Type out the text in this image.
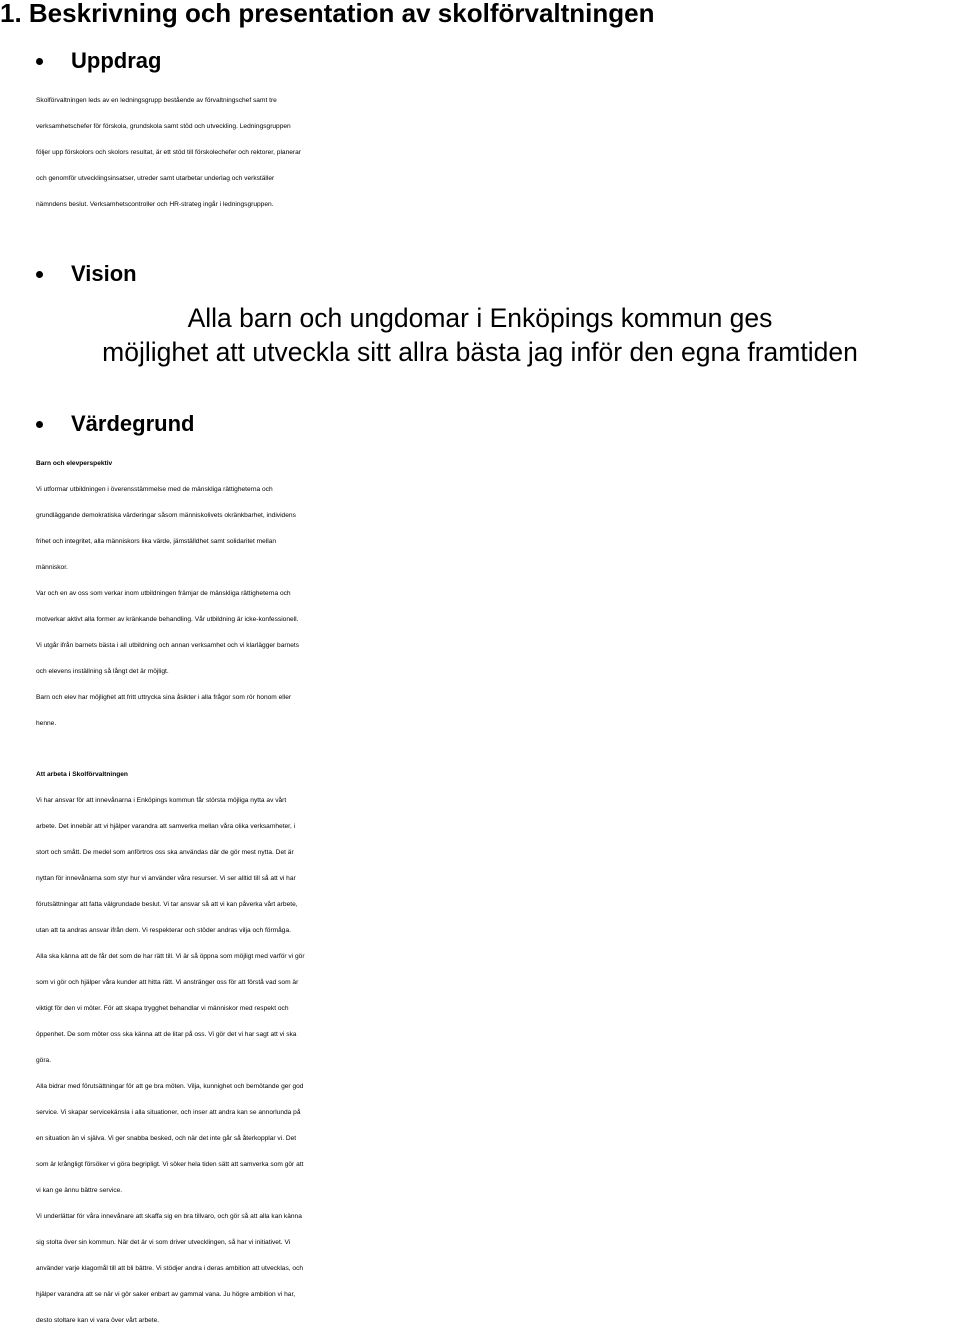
1. Beskrivning och presentation av skolförvaltningen
Uppdrag
Skolförvaltningen leds av en ledningsgrupp bestående av förvaltningschef samt tre
verksamhetschefer för förskola, grundskola samt stöd och utveckling. Ledningsgruppen
följer upp förskolors och skolors resultat, är ett stöd till förskolechefer och rektorer, planerar
och genomför utvecklingsinsatser, utreder samt utarbetar underlag och verkställer
nämndens beslut. Verksamhetscontroller och HR-strateg ingår i ledningsgruppen.
Vision
Alla barn och ungdomar i Enköpings kommun ges
möjlighet att utveckla sitt allra bästa jag inför den egna framtiden
Värdegrund
Barn och elevperspektiv
Vi utformar utbildningen i överensstämmelse med de mänskliga rättigheterna och
grundläggande demokratiska värderingar såsom människolivets okränkbarhet, individens
frihet och integritet, alla människors lika värde, jämställdhet samt solidaritet mellan
människor.
Var och en av oss som verkar inom utbildningen främjar de mänskliga rättigheterna och
motverkar aktivt alla former av kränkande behandling. Vår utbildning är icke-konfessionell.
Vi utgår ifrån barnets bästa i all utbildning och annan verksamhet och vi klarlägger barnets
och elevens inställning så långt det är möjligt.
Barn och elev har möjlighet att fritt uttrycka sina åsikter i alla frågor som rör honom eller
henne.
Att arbeta i Skolförvaltningen
Vi har ansvar för att innevånarna i Enköpings kommun får största möjliga nytta av vårt
arbete. Det innebär att vi hjälper varandra att samverka mellan våra olika verksamheter, i
stort och smått. De medel som anförtros oss ska användas där de gör mest nytta. Det är
nyttan för innevånarna som styr hur vi använder våra resurser. Vi ser alltid till så att vi har
förutsättningar att fatta välgrundade beslut. Vi tar ansvar så att vi kan påverka vårt arbete,
utan att ta andras ansvar ifrån dem. Vi respekterar och stöder andras vilja och förmåga.
Alla ska känna att de får det som de har rätt till. Vi är så öppna som möjligt med varför vi gör
som vi gör och hjälper våra kunder att hitta rätt. Vi anstränger oss för att förstå vad som är
viktigt för den vi möter. För att skapa trygghet behandlar vi människor med respekt och
öppenhet. De som möter oss ska känna att de litar på oss. Vi gör det vi har sagt att vi ska
göra.
Alla bidrar med förutsättningar för att ge bra möten. Vilja, kunnighet och bemötande ger god
service. Vi skapar servicekänsla i alla situationer, och inser att andra kan se annorlunda på
en situation än vi själva. Vi ger snabba besked, och när det inte går så återkopplar vi. Det
som är krångligt försöker vi göra begripligt. Vi söker hela tiden sätt att samverka som gör att
vi kan ge ännu bättre service.
Vi underlättar för våra innevånare att skaffa sig en bra tillvaro, och gör så att alla kan känna
sig stolta över sin kommun. När det är vi som driver utvecklingen, så har vi initiativet. Vi
använder varje klagomål till att bli bättre. Vi stödjer andra i deras ambition att utvecklas, och
hjälper varandra att se när vi gör saker enbart av gammal vana. Ju högre ambition vi har,
desto stoltare kan vi vara över vårt arbete.
